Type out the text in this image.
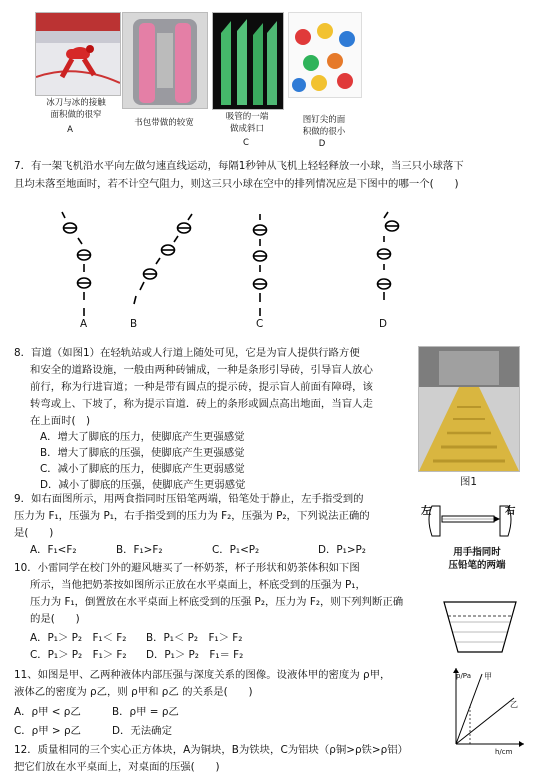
冰刀与冰的接触
面积做的很窄
A
书包带做的较宽
吸管的一端
做成斜口
C
图钉尖的面
积做的很小
D
7．有一架飞机沿水平向左做匀速直线运动，每隔1秒钟从飞机上轻轻释放一小球，当三只小球落下
且均未落至地面时，若不计空气阻力，则这三只小球在空中的排列情况应是下图中的哪一个(　　)
A	B	C	D
8．盲道（如图1）在轻轨站或人行道上随处可见，它是为盲人提供行路方便
和安全的道路设施，一般由两种砖铺成，一种是条形引导砖，引导盲人放心
前行，称为行进盲道；一种是带有圆点的提示砖，提示盲人前面有障碍，该
转弯或上、下坡了，称为提示盲道．砖上的条形或圆点高出地面，当盲人走
在上面时(　)
A．增大了脚底的压力，使脚底产生更强感觉
B．增大了脚底的压强，使脚底产生更强感觉
C．减小了脚底的压力，使脚底产生更弱感觉
D．减小了脚底的压强，使脚底产生更弱感觉	图1
9．如右面图所示，用两食指同时压铅笔两端，铅笔处于静止，左手指受到的
压力为 F₁，压强为 P₁，右手指受到的压力为 F₂，压强为 P₂，下列说法正确的
是(　　)
A．F₁<F₂	B．F₁>F₂	C．P₁<P₂	D．P₁>P₂
左	右
用手指同时
压铅笔的两端
10．小雷同学在校门外的避风塘买了一杯奶茶，杯子形状和奶茶体积如下图
所示，当他把奶茶按如图所示正放在水平桌面上，杯底受到的压强为 P₁，
压力为 F₁，倒置放在水平桌面上杯底受到的压强 P₂，压力为 F₂，则下列判断正确
的是(　　)
A．P₁＞ P₂　F₁＜ F₂ B．P₁＜ P₂　F₁＞ F₂
C．P₁＞ P₂　F₁＞ F₂ D．P₁＞ P₂　F₁＝ F₂
11、如图是甲、乙两种液体内部压强与深度关系的图像。设液体甲的密度为 ρ甲，
液体乙的密度为 ρ乙，则 ρ甲和 ρ乙 的关系是(　　)
A．ρ甲 < ρ乙	B．ρ甲 = ρ乙
C．ρ甲 > ρ乙	D．无法确定
p/Pa 甲
乙
h/cm
12．质量相同的三个实心正方体块，A为铜块，B为铁块，C为铝块（ρ铜>ρ铁>ρ铝）
把它们放在水平桌面上，对桌面的压强(　　)
